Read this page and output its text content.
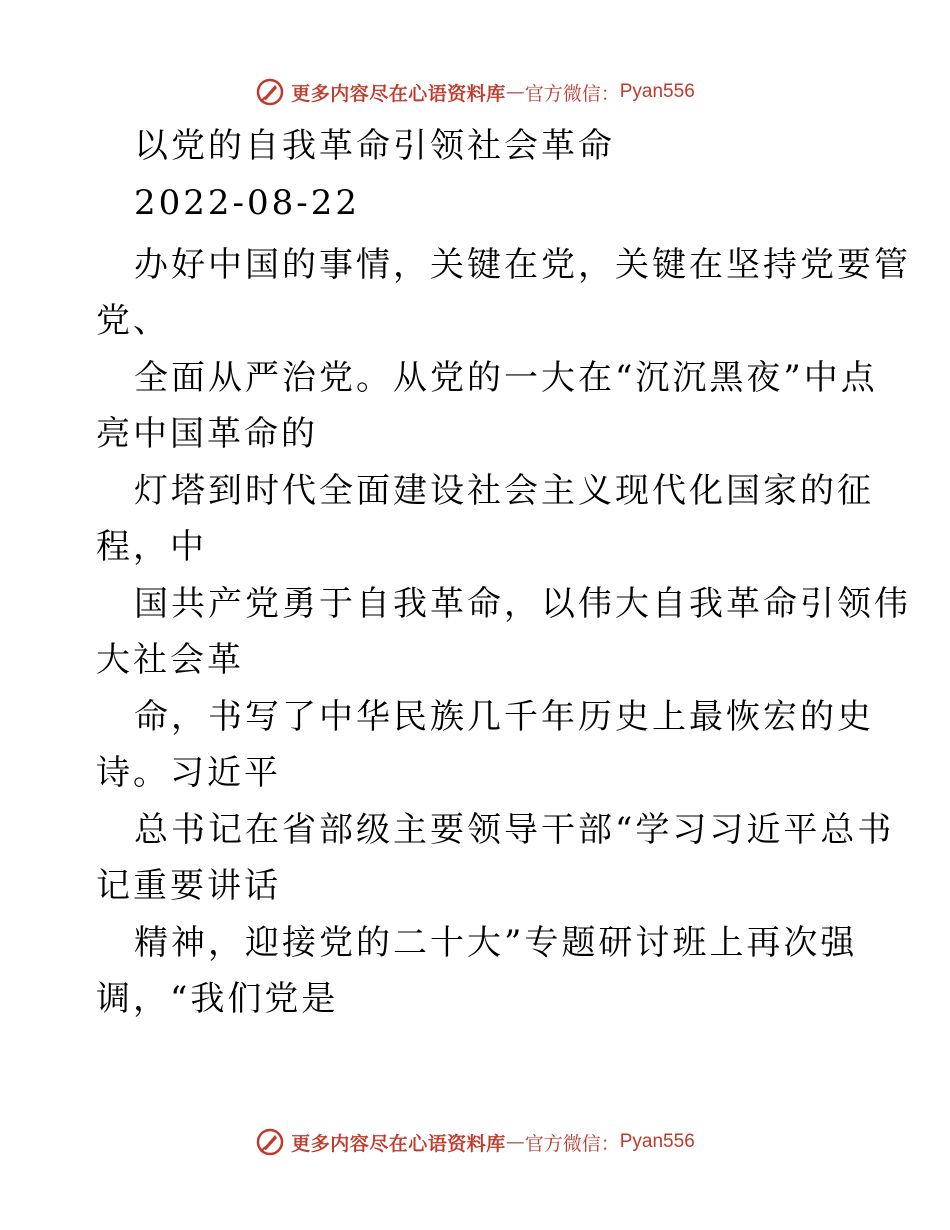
更多内容尽在心语资料库 — 官方微信： Pyan556
以党的自我革命引领社会革命
2022-08-22
办好中国的事情，关键在党，关键在坚持党要管
党、
全面从严治党。从党的一大在“沉沉黑夜”中点
亮中国革命的
灯塔到时代全面建设社会主义现代化国家的征
程，中
国共产党勇于自我革命，以伟大自我革命引领伟
大社会革
命，书写了中华民族几千年历史上最恢宏的史
诗。习近平
总书记在省部级主要领导干部“学习习近平总书
记重要讲话
精神，迎接党的二十大”专题研讨班上再次强
调，“我们党是
更多内容尽在心语资料库 — 官方微信： Pyan556
